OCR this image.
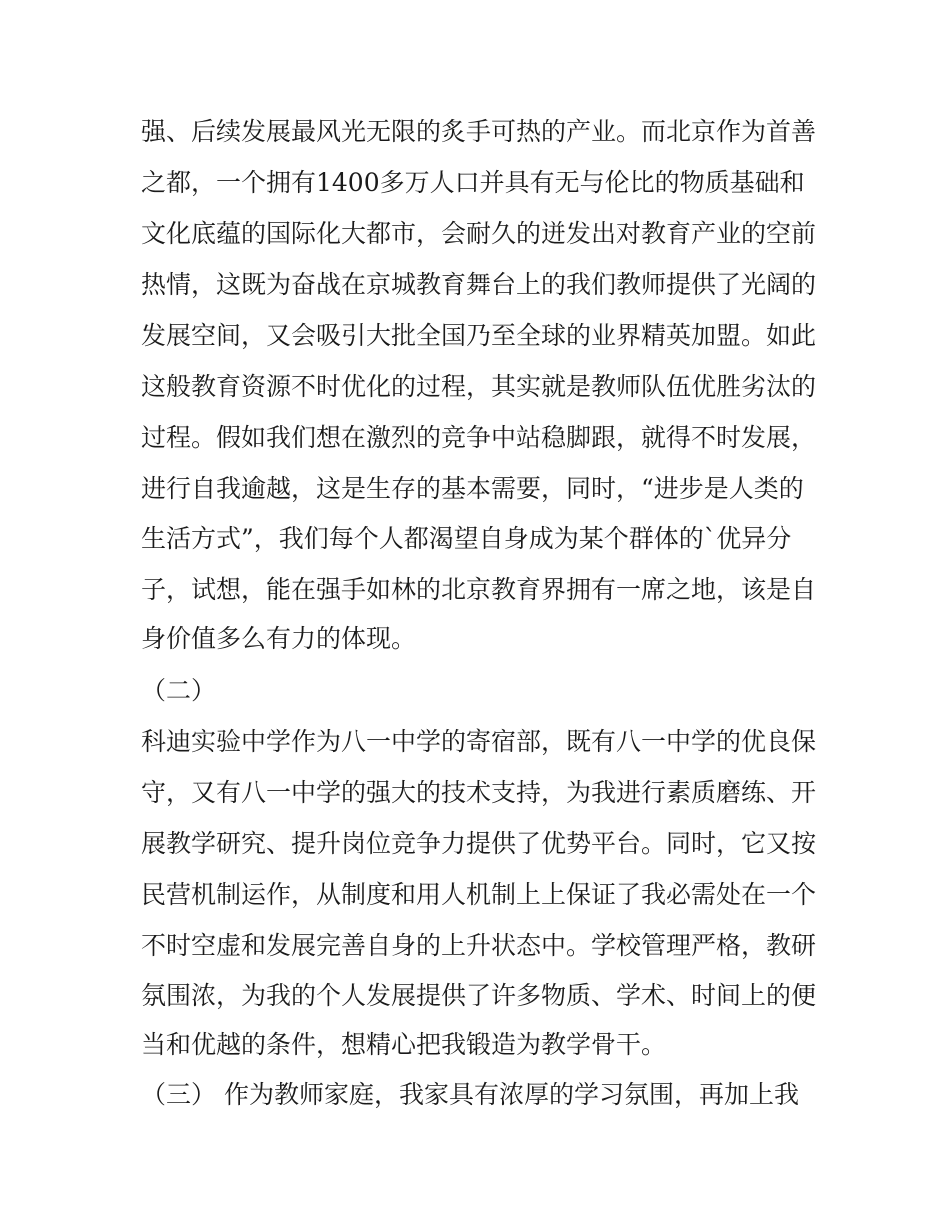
强、后续发展最风光无限的炙手可热的产业。而北京作为首善
之都，一个拥有1400多万人口并具有无与伦比的物质基础和
文化底蕴的国际化大都市，会耐久的迸发出对教育产业的空前
热情，这既为奋战在京城教育舞台上的我们教师提供了光阔的
发展空间，又会吸引大批全国乃至全球的业界精英加盟。如此
这般教育资源不时优化的过程，其实就是教师队伍优胜劣汰的
过程。假如我们想在激烈的竞争中站稳脚跟，就得不时发展，
进行自我逾越，这是生存的基本需要，同时，“进步是人类的
生活方式”，我们每个人都渴望自身成为某个群体的`优异分
子，试想，能在强手如林的北京教育界拥有一席之地，该是自
身价值多么有力的体现。
（二）
科迪实验中学作为八一中学的寄宿部，既有八一中学的优良保
守，又有八一中学的强大的技术支持，为我进行素质磨练、开
展教学研究、提升岗位竞争力提供了优势平台。同时，它又按
民营机制运作，从制度和用人机制上上保证了我必需处在一个
不时空虚和发展完善自身的上升状态中。学校管理严格，教研
氛围浓，为我的个人发展提供了许多物质、学术、时间上的便
当和优越的条件，想精心把我锻造为教学骨干。
（三） 作为教师家庭，我家具有浓厚的学习氛围，再加上我
